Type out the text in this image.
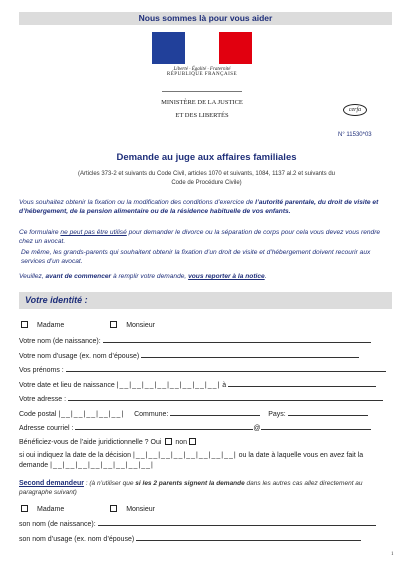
Nous sommes là pour vous aider
Liberté · Égalité · Fraternité
RÉPUBLIQUE FRANÇAISE
MINISTÈRE DE LA JUSTICE
ET DES LIBERTÉS
cerfa
N° 11530*03
Demande au juge aux affaires familiales
(Articles 373-2 et suivants du Code Civil, articles 1070 et suivants, 1084, 1137 al.2 et suivants du Code de Procédure Civile)
Vous souhaitez obtenir la fixation ou la modification des conditions d’exercice de l’autorité parentale, du droit de visite et d’hébergement, de la pension alimentaire ou de la résidence habituelle de vos enfants.
Ce formulaire ne peut pas être utilisé pour demander le divorce ou la séparation de corps pour cela vous devez vous rendre chez un avocat.
De même, les grands-parents qui souhaitent obtenir la fixation d’un droit de visite et d’hébergement doivent recourir aux services d’un avocat.
Veuillez, avant de commencer à remplir votre demande, vous reporter à la notice.
Votre identité :
Madame	Monsieur
Votre nom (de naissance):
Votre nom d’usage (ex. nom d’épouse)
Vos prénoms :
Votre date et lieu de naissance |__|__|__|__|__|__|__|__| à
Votre adresse :
Code postal |__|__|__|__|__| Commune:	Pays:
Adresse courriel :	@
Bénéficiez-vous de l’aide juridictionnelle ? Oui non
si oui indiquez la date de la décision |__|__|__|__|__|__|__|__| ou la date à laquelle vous en avez fait la
demande |__|__|__|__|__|__|__|__|
Second demandeur : (à n’utiliser que si les 2 parents signent la demande dans les autres cas allez directement au paragraphe suivant)
Madame	Monsieur
son nom (de naissance):
son nom d’usage (ex. nom d’épouse)
1
